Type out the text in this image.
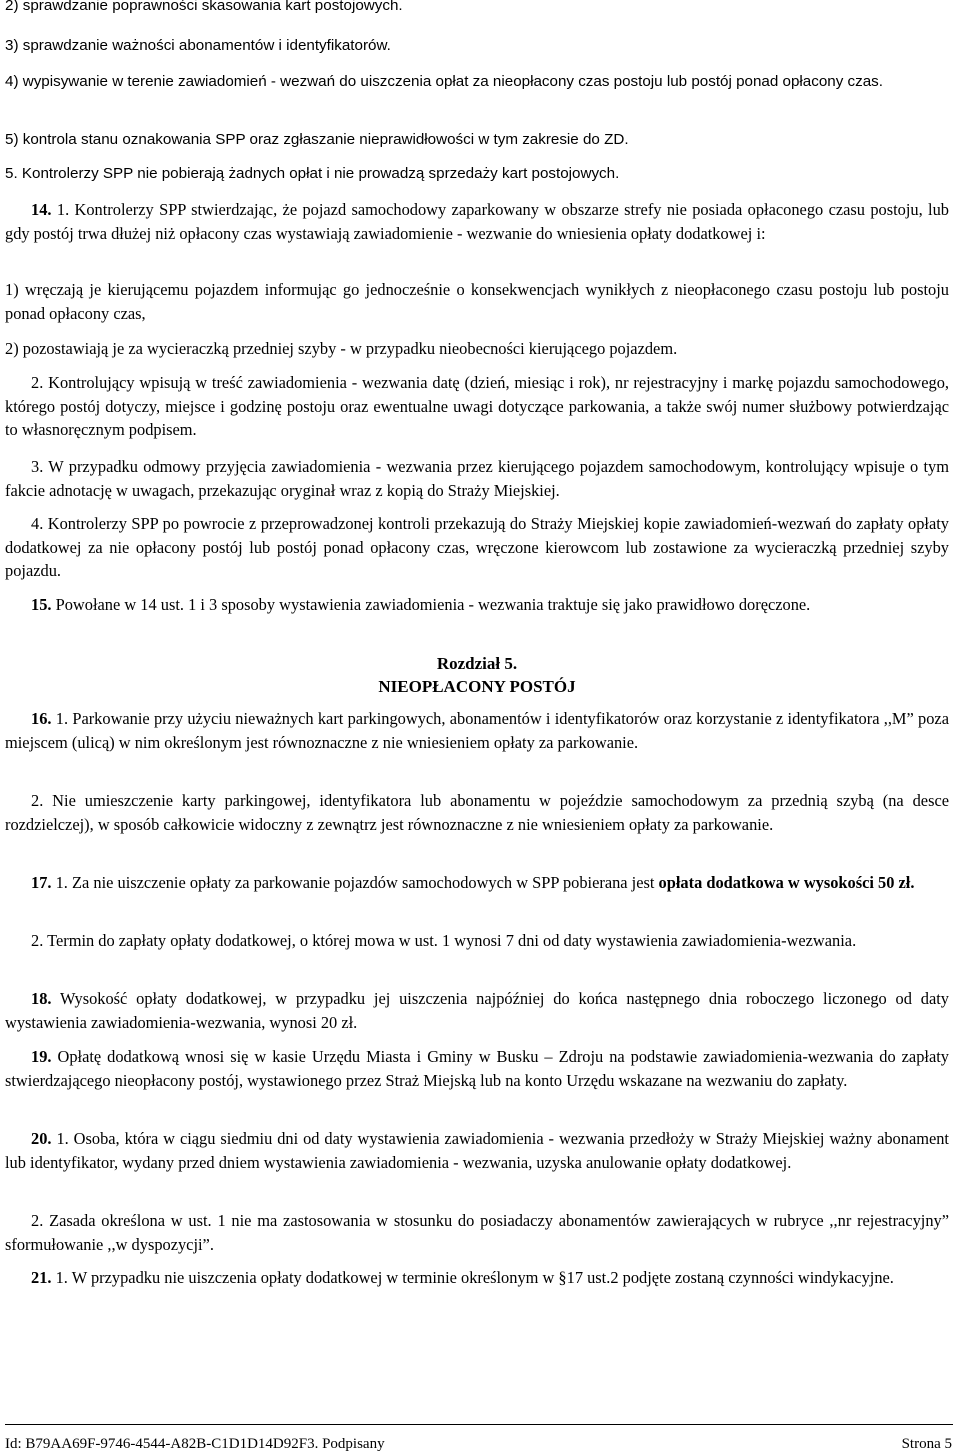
2) sprawdzanie poprawności skasowania kart postojowych.

3) sprawdzanie ważności abonamentów i identyfikatorów.

4) wypisywanie w terenie zawiadomień - wezwań do uiszczenia opłat za nieopłacony czas postoju lub postój ponad opłacony czas.

5) kontrola stanu oznakowania SPP oraz zgłaszanie nieprawidłowości w tym zakresie do ZD.

5. Kontrolerzy SPP nie pobierają żadnych opłat i nie prowadzą sprzedaży kart postojowych.

14. 1. Kontrolerzy SPP stwierdzając, że pojazd samochodowy zaparkowany w obszarze strefy nie posiada opłaconego czasu postoju, lub gdy postój trwa dłużej niż opłacony czas wystawiają zawiadomienie - wezwanie do wniesienia opłaty dodatkowej i:

1) wręczają je kierującemu pojazdem informując go jednocześnie o konsekwencjach wynikłych z nieopłaconego czasu postoju lub postoju ponad opłacony czas,

2) pozostawiają je za wycieraczką przedniej szyby - w przypadku nieobecności kierującego pojazdem.

2. Kontrolujący wpisują w treść zawiadomienia - wezwania datę (dzień, miesiąc i rok), nr rejestracyjny i markę pojazdu samochodowego, którego postój dotyczy, miejsce i godzinę postoju oraz ewentualne uwagi dotyczące parkowania, a także swój numer służbowy potwierdzając to własnoręcznym podpisem.

3. W przypadku odmowy przyjęcia zawiadomienia - wezwania przez kierującego pojazdem samochodowym, kontrolujący wpisuje o tym fakcie adnotację w uwagach, przekazując oryginał wraz z kopią do Straży Miejskiej.

4. Kontrolerzy SPP po powrocie z przeprowadzonej kontroli przekazują do Straży Miejskiej kopie zawiadomień-wezwań do zapłaty opłaty dodatkowej za nie opłacony postój lub postój ponad opłacony czas, wręczone kierowcom lub zostawione za wycieraczką przedniej szyby pojazdu.

15. Powołane w 14 ust. 1 i 3 sposoby wystawienia zawiadomienia - wezwania traktuje się jako prawidłowo doręczone.

Rozdział 5.
NIEOPŁACONY POSTÓJ

16. 1. Parkowanie przy użyciu nieważnych kart parkingowych, abonamentów i identyfikatorów oraz korzystanie z identyfikatora ,,M” poza miejscem (ulicą) w nim określonym jest równoznaczne z nie wniesieniem opłaty za parkowanie.

2. Nie umieszczenie karty parkingowej, identyfikatora lub abonamentu w pojeździe samochodowym za przednią szybą (na desce rozdzielczej), w sposób całkowicie widoczny z zewnątrz jest równoznaczne z nie wniesieniem opłaty za parkowanie.

17. 1. Za nie uiszczenie opłaty za parkowanie pojazdów samochodowych w SPP pobierana jest opłata dodatkowa w wysokości 50 zł.

2. Termin do zapłaty opłaty dodatkowej, o której mowa w ust. 1 wynosi 7 dni od daty wystawienia zawiadomienia-wezwania.

18. Wysokość opłaty dodatkowej, w przypadku jej uiszczenia najpóźniej do końca następnego dnia roboczego liczonego od daty wystawienia zawiadomienia-wezwania, wynosi 20 zł.

19. Opłatę dodatkową wnosi się w kasie Urzędu Miasta i Gminy w Busku – Zdroju na podstawie zawiadomienia-wezwania do zapłaty stwierdzającego nieopłacony postój, wystawionego przez Straż Miejską lub na konto Urzędu wskazane na wezwaniu do zapłaty.

20. 1. Osoba, która w ciągu siedmiu dni od daty wystawienia zawiadomienia - wezwania przedłoży w Straży Miejskiej ważny abonament lub identyfikator, wydany przed dniem wystawienia zawiadomienia - wezwania, uzyska anulowanie opłaty dodatkowej.

2. Zasada określona w ust. 1 nie ma zastosowania w stosunku do posiadaczy abonamentów zawierających w rubryce ,,nr rejestracyjny” sformułowanie ,,w dyspozycji”.

21. 1. W przypadku nie uiszczenia opłaty dodatkowej w terminie określonym w §17 ust.2 podjęte zostaną czynności windykacyjne.

Id: B79AA69F-9746-4544-A82B-C1D1D14D92F3. Podpisany	Strona 5
